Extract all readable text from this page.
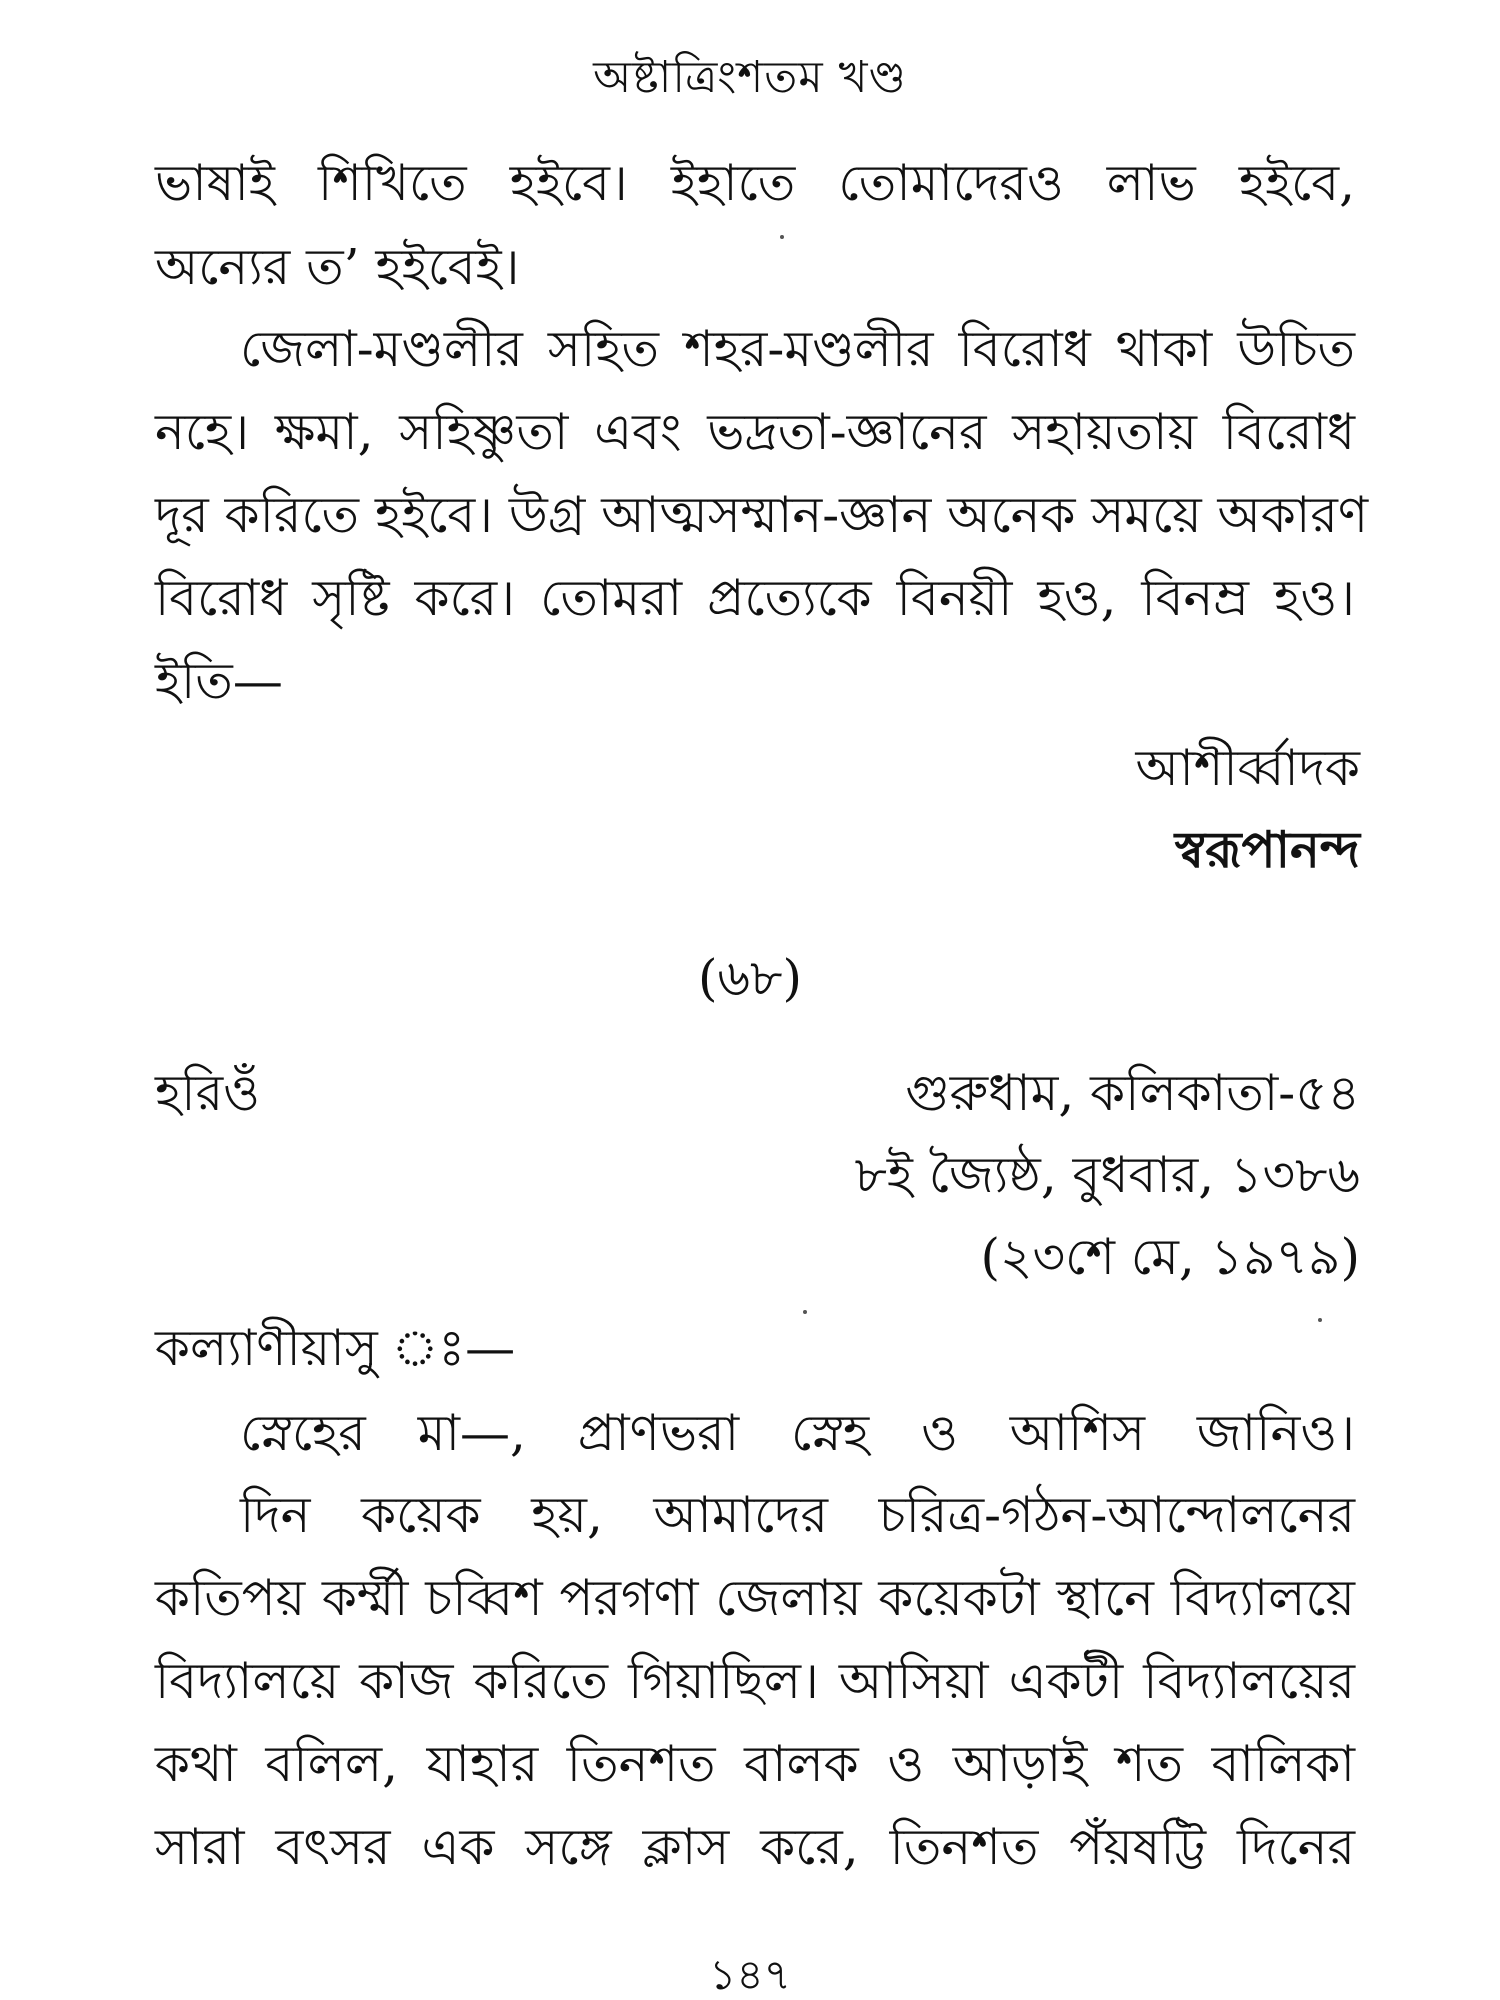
অষ্টাত্রিংশতম খণ্ড
ভাষাই শিখিতে হইবে। ইহাতে তোমাদেরও লাভ হইবে,
অন্যের ত’ হইবেই।
জেলা-মণ্ডলীর সহিত শহর-মণ্ডলীর বিরোধ থাকা উচিত
নহে। ক্ষমা, সহিষ্ণুতা এবং ভদ্রতা-জ্ঞানের সহায়তায় বিরোধ
দূর করিতে হইবে। উগ্র আত্মসম্মান-জ্ঞান অনেক সময়ে অকারণ
বিরোধ সৃষ্টি করে। তোমরা প্রত্যেকে বিনয়ী হও, বিনম্র হও।
ইতি—
আশীর্ব্বাদক
স্বরূপানন্দ
(৬৮)
হরিওঁ	গুরুধাম, কলিকাতা-৫৪
৮ই জ্যৈষ্ঠ, বুধবার, ১৩৮৬
(২৩শে মে, ১৯৭৯)
কল্যাণীয়াসু ঃ—
স্নেহের মা—, প্রাণভরা স্নেহ ও আশিস জানিও।
দিন কয়েক হয়, আমাদের চরিত্র-গঠন-আন্দোলনের
কতিপয় কর্ম্মী চব্বিশ পরগণা জেলায় কয়েকটা স্থানে বিদ্যালয়ে
বিদ্যালয়ে কাজ করিতে গিয়াছিল। আসিয়া একটী বিদ্যালয়ের
কথা বলিল, যাহার তিনশত বালক ও আড়াই শত বালিকা
সারা বৎসর এক সঙ্গে ক্লাস করে, তিনশত পঁয়ষট্টি দিনের
১৪৭
